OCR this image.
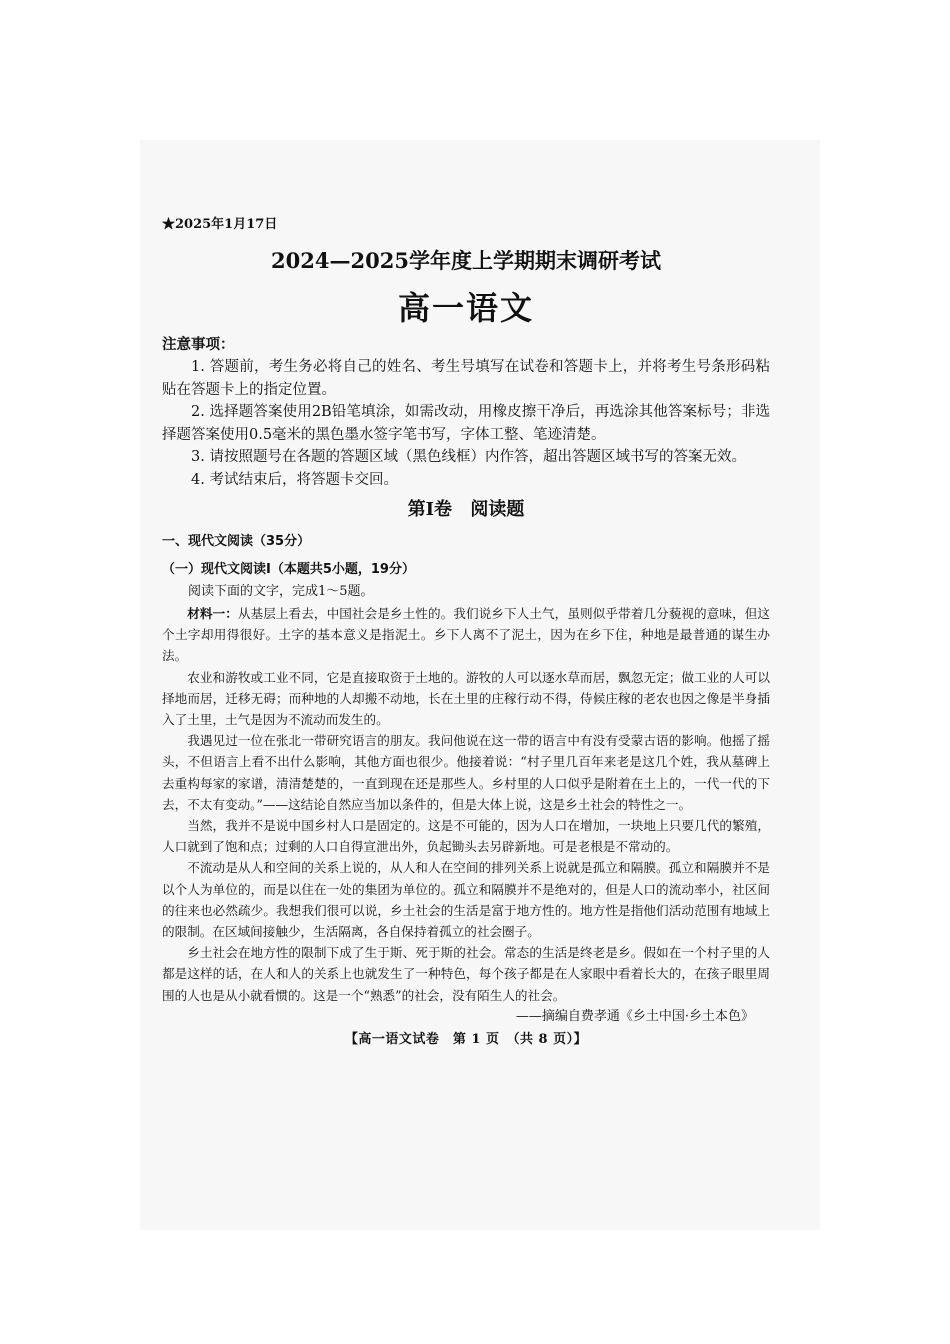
★2025年1月17日
2024—2025学年度上学期期末调研考试
高一语文
注意事项：
1. 答题前，考生务必将自己的姓名、考生号填写在试卷和答题卡上，并将考生号条形码粘贴在答题卡上的指定位置。
2. 选择题答案使用2B铅笔填涂，如需改动，用橡皮擦干净后，再选涂其他答案标号；非选择题答案使用0.5毫米的黑色墨水签字笔书写，字体工整、笔迹清楚。
3. 请按照题号在各题的答题区域（黑色线框）内作答，超出答题区域书写的答案无效。
4. 考试结束后，将答题卡交回。
第Ⅰ卷 阅读题
一、现代文阅读（35分）
（一）现代文阅读Ⅰ（本题共5小题，19分）
阅读下面的文字，完成1～5题。
材料一：从基层上看去，中国社会是乡土性的。我们说乡下人土气，虽则似乎带着几分藐视的意味，但这个土字却用得很好。土字的基本意义是指泥土。乡下人离不了泥土，因为在乡下住，种地是最普通的谋生办法。
农业和游牧或工业不同，它是直接取资于土地的。游牧的人可以逐水草而居，飘忽无定；做工业的人可以择地而居，迁移无碍；而种地的人却搬不动地，长在土里的庄稼行动不得，侍候庄稼的老农也因之像是半身插入了土里，土气是因为不流动而发生的。
我遇见过一位在张北一带研究语言的朋友。我问他说在这一带的语言中有没有受蒙古语的影响。他摇了摇头，不但语言上看不出什么影响，其他方面也很少。他接着说：“村子里几百年来老是这几个姓，我从墓碑上去重构每家的家谱，清清楚楚的，一直到现在还是那些人。乡村里的人口似乎是附着在土上的，一代一代的下去，不太有变动。”——这结论自然应当加以条件的，但是大体上说，这是乡土社会的特性之一。
当然，我并不是说中国乡村人口是固定的。这是不可能的，因为人口在增加，一块地上只要几代的繁殖，人口就到了饱和点；过剩的人口自得宣泄出外，负起锄头去另辟新地。可是老根是不常动的。
不流动是从人和空间的关系上说的，从人和人在空间的排列关系上说就是孤立和隔膜。孤立和隔膜并不是以个人为单位的，而是以住在一处的集团为单位的。孤立和隔膜并不是绝对的，但是人口的流动率小，社区间的往来也必然疏少。我想我们很可以说，乡土社会的生活是富于地方性的。地方性是指他们活动范围有地域上的限制。在区域间接触少，生活隔离，各自保持着孤立的社会圈子。
乡土社会在地方性的限制下成了生于斯、死于斯的社会。常态的生活是终老是乡。假如在一个村子里的人都是这样的话，在人和人的关系上也就发生了一种特色，每个孩子都是在人家眼中看着长大的，在孩子眼里周围的人也是从小就看惯的。这是一个“熟悉”的社会，没有陌生人的社会。
——摘编自费孝通《乡土中国·乡土本色》
【高一语文试卷　第 1 页　（共 8 页）】
